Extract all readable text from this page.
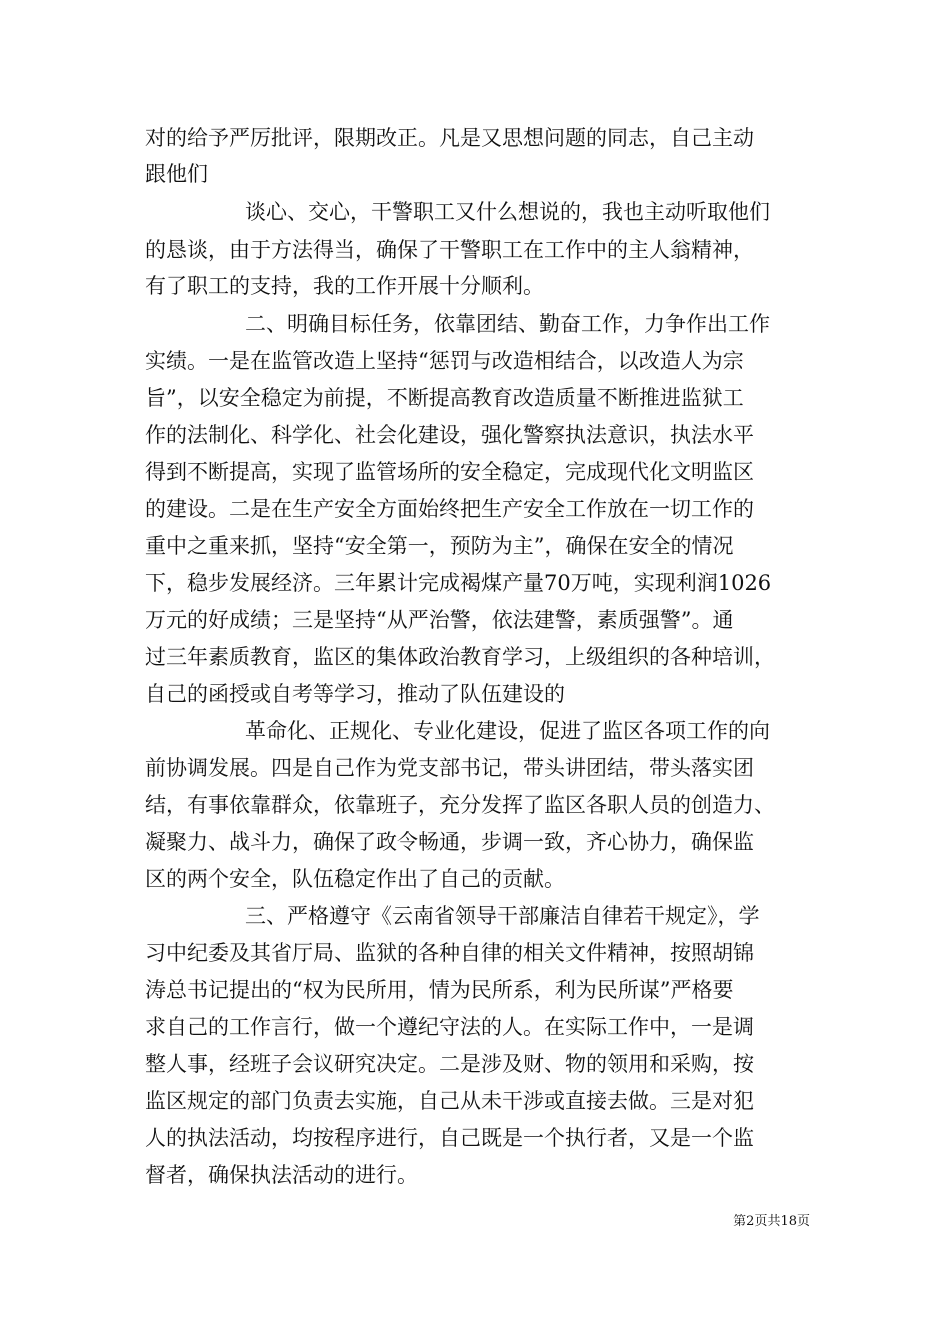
对的给予严厉批评，限期改正。凡是又思想问题的同志，自己主动
跟他们
谈心、交心，干警职工又什么想说的，我也主动听取他们
的恳谈，由于方法得当，确保了干警职工在工作中的主人翁精神，
有了职工的支持，我的工作开展十分顺利。
二、明确目标任务，依靠团结、勤奋工作，力争作出工作
实绩。一是在监管改造上坚持“惩罚与改造相结合，以改造人为宗
旨”，以安全稳定为前提，不断提高教育改造质量不断推进监狱工
作的法制化、科学化、社会化建设，强化警察执法意识，执法水平
得到不断提高，实现了监管场所的安全稳定，完成现代化文明监区
的建设。二是在生产安全方面始终把生产安全工作放在一切工作的
重中之重来抓，坚持“安全第一，预防为主”，确保在安全的情况
下，稳步发展经济。三年累计完成褐煤产量70万吨，实现利润1026
万元的好成绩；三是坚持“从严治警，依法建警，素质强警”。通
过三年素质教育，监区的集体政治教育学习，上级组织的各种培训，
自己的函授或自考等学习，推动了队伍建设的
革命化、正规化、专业化建设，促进了监区各项工作的向
前协调发展。四是自己作为党支部书记，带头讲团结，带头落实团
结，有事依靠群众，依靠班子，充分发挥了监区各职人员的创造力、
凝聚力、战斗力，确保了政令畅通，步调一致，齐心协力，确保监
区的两个安全，队伍稳定作出了自己的贡献。
三、严格遵守《云南省领导干部廉洁自律若干规定》，学
习中纪委及其省厅局、监狱的各种自律的相关文件精神，按照胡锦
涛总书记提出的“权为民所用，情为民所系，利为民所谋”严格要
求自己的工作言行，做一个遵纪守法的人。在实际工作中，一是调
整人事，经班子会议研究决定。二是涉及财、物的领用和采购，按
监区规定的部门负责去实施，自己从未干涉或直接去做。三是对犯
人的执法活动，均按程序进行，自己既是一个执行者，又是一个监
督者，确保执法活动的进行。
第2页共18页
